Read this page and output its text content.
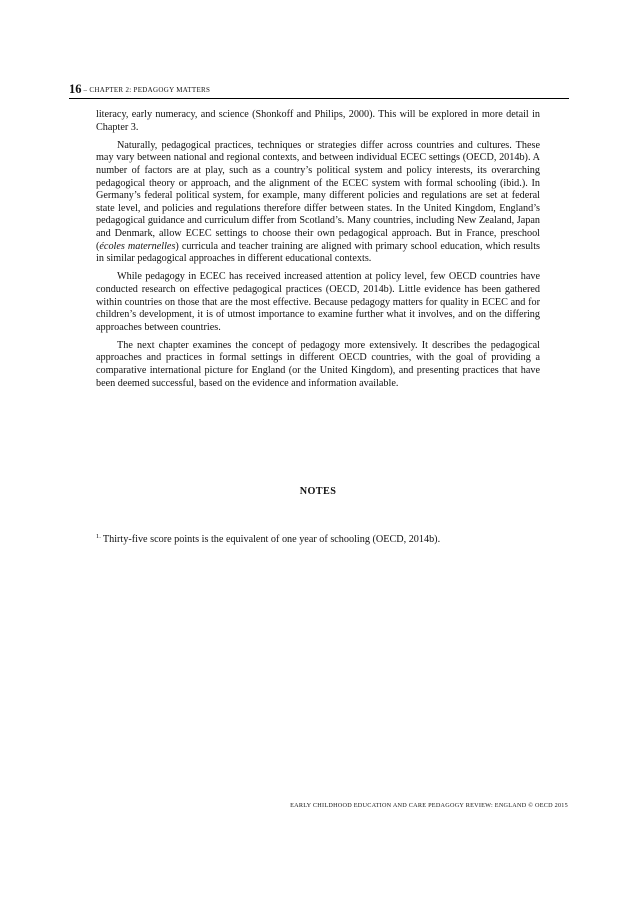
16 – CHAPTER 2: PEDAGOGY MATTERS

literacy, early numeracy, and science (Shonkoff and Philips, 2000). This will be explored in more detail in Chapter 3.

Naturally, pedagogical practices, techniques or strategies differ across countries and cultures. These may vary between national and regional contexts, and between individual ECEC settings (OECD, 2014b). A number of factors are at play, such as a country’s political system and policy interests, its overarching pedagogical theory or approach, and the alignment of the ECEC system with formal schooling (ibid.). In Germany’s federal political system, for example, many different policies and regulations are set at federal state level, and policies and regulations therefore differ between states. In the United Kingdom, England’s pedagogical guidance and curriculum differ from Scotland’s. Many countries, including New Zealand, Japan and Denmark, allow ECEC settings to choose their own pedagogical approach. But in France, preschool (écoles maternelles) curricula and teacher training are aligned with primary school education, which results in similar pedagogical approaches in different educational contexts.

While pedagogy in ECEC has received increased attention at policy level, few OECD countries have conducted research on effective pedagogical practices (OECD, 2014b). Little evidence has been gathered within countries on those that are the most effective. Because pedagogy matters for quality in ECEC and for children’s development, it is of utmost importance to examine further what it involves, and on the differing approaches between countries.

The next chapter examines the concept of pedagogy more extensively. It describes the pedagogical approaches and practices in formal settings in different OECD countries, with the goal of providing a comparative international picture for England (or the United Kingdom), and presenting practices that have been deemed successful, based on the evidence and information available.

NOTES
$^{1.}$ Thirty-five score points is the equivalent of one year of schooling (OECD, 2014b).
EARLY CHILDHOOD EDUCATION AND CARE PEDAGOGY REVIEW: ENGLAND © OECD 2015
